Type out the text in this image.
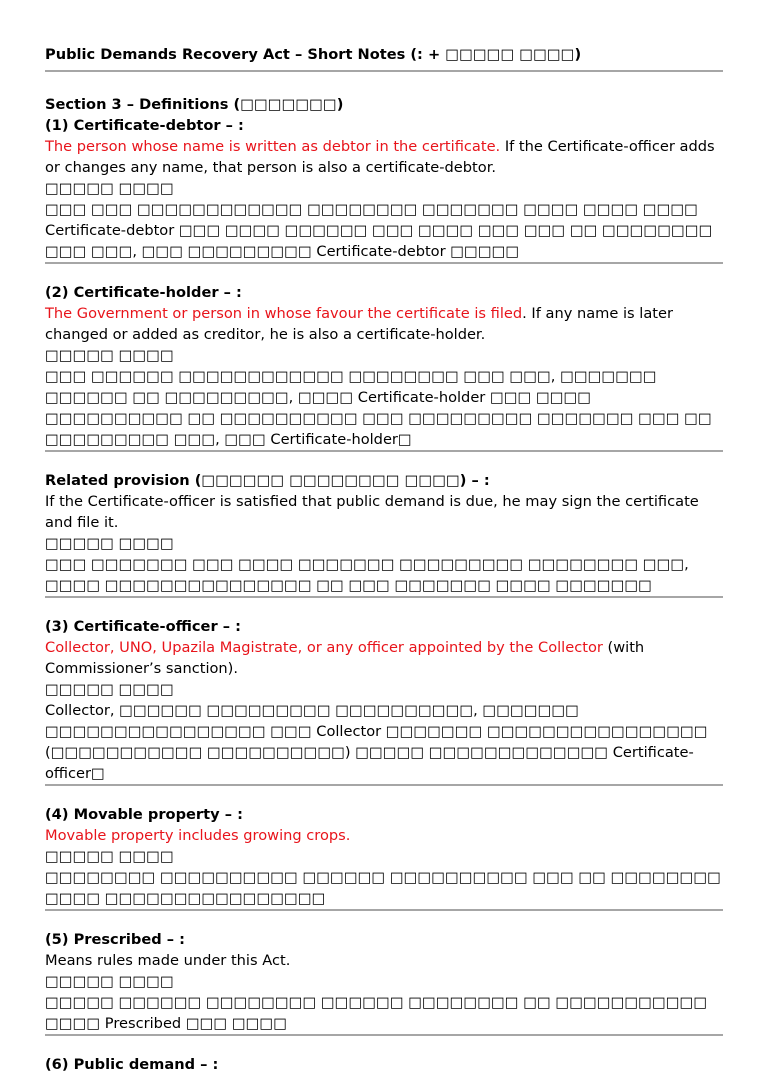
Public Demands Recovery Act – Short Notes (: + □□□□□ □□□□)
Section 3 – Definitions (□□□□□□□)
(1) Certificate-debtor – :
The person whose name is written as debtor in the certificate. If the Certificate-officer adds or changes any name, that person is also a certificate-debtor.
□□□□□ □□□□
□□□ □□□ □□□□□□□□□□□□ □□□□□□□□ □□□□□□□ □□□□ □□□□ □□□□ Certificate-debtor □□□ □□□□ □□□□□□ □□□ □□□□ □□□ □□□ □□ □□□□□□□□ □□□ □□□, □□□ □□□□□□□□□ Certificate-debtor □□□□□
(2) Certificate-holder – :
The Government or person in whose favour the certificate is filed. If any name is later changed or added as creditor, he is also a certificate-holder.
□□□□□ □□□□
□□□ □□□□□□ □□□□□□□□□□□□ □□□□□□□□ □□□ □□□, □□□□□□□ □□□□□□ □□ □□□□□□□□□, □□□□ Certificate-holder □□□ □□□□ □□□□□□□□□□ □□ □□□□□□□□□□ □□□ □□□□□□□□□ □□□□□□□ □□□ □□ □□□□□□□□□ □□□, □□□ Certificate-holder□
Related provision (□□□□□□ □□□□□□□□ □□□□) – :
If the Certificate-officer is satisfied that public demand is due, he may sign the certificate and file it.
□□□□□ □□□□
□□□ □□□□□□□ □□□ □□□□ □□□□□□□ □□□□□□□□□ □□□□□□□□ □□□, □□□□ □□□□□□□□□□□□□□□ □□ □□□ □□□□□□□ □□□□ □□□□□□□
(3) Certificate-officer – :
Collector, UNO, Upazila Magistrate, or any officer appointed by the Collector (with Commissioner’s sanction).
□□□□□ □□□□
Collector, □□□□□□ □□□□□□□□□ □□□□□□□□□□, □□□□□□□ □□□□□□□□□□□□□□□□ □□□ Collector □□□□□□□ □□□□□□□□□□□□□□□□ (□□□□□□□□□□□ □□□□□□□□□□) □□□□□ □□□□□□□□□□□□□ Certificate-officer□
(4) Movable property – :
Movable property includes growing crops.
□□□□□ □□□□
□□□□□□□□ □□□□□□□□□□ □□□□□□ □□□□□□□□□□ □□□ □□ □□□□□□□□ □□□□ □□□□□□□□□□□□□□□□
(5) Prescribed – :
Means rules made under this Act.
□□□□□ □□□□
□□□□□ □□□□□□ □□□□□□□□ □□□□□□ □□□□□□□□ □□ □□□□□□□□□□□ □□□□ Prescribed □□□ □□□□
(6) Public demand – :
